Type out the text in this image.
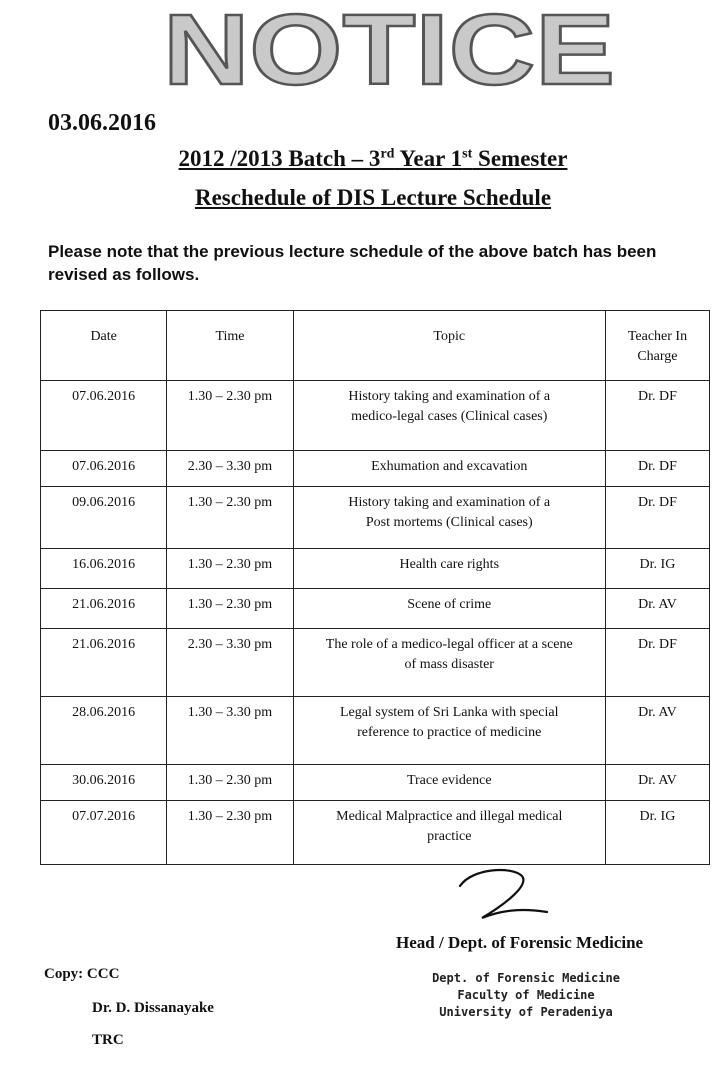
NOTICE
03.06.2016
2012 /2013 Batch – 3rd Year 1st Semester
Reschedule of DIS Lecture Schedule
Please note that the previous lecture schedule of the above batch has been
revised as follows.
Date	Time	Topic	Teacher In
Charge

07.06.2016	1.30 – 2.30 pm	History taking and examination of a
medico-legal cases (Clinical cases)	Dr. DF
07.06.2016	2.30 – 3.30 pm	Exhumation and excavation	Dr. DF
09.06.2016	1.30 – 2.30 pm	History taking and examination of a
Post mortems (Clinical cases)	Dr. DF
16.06.2016	1.30 – 2.30 pm	Health care rights	Dr. IG
21.06.2016	1.30 – 2.30 pm	Scene of crime	Dr. AV
21.06.2016	2.30 – 3.30 pm	The role of a medico-legal officer at a scene
of mass disaster	Dr. DF
28.06.2016	1.30 – 3.30 pm	Legal system of Sri Lanka with special
reference to practice of medicine	Dr. AV
30.06.2016	1.30 – 2.30 pm	Trace evidence	Dr. AV
07.07.2016	1.30 – 2.30 pm	Medical Malpractice and illegal medical
practice	Dr. IG
Head / Dept. of Forensic Medicine
Dept. of Forensic Medicine
Faculty of Medicine
University of Peradeniya
Copy: CCC
Dr. D. Dissanayake
TRC
